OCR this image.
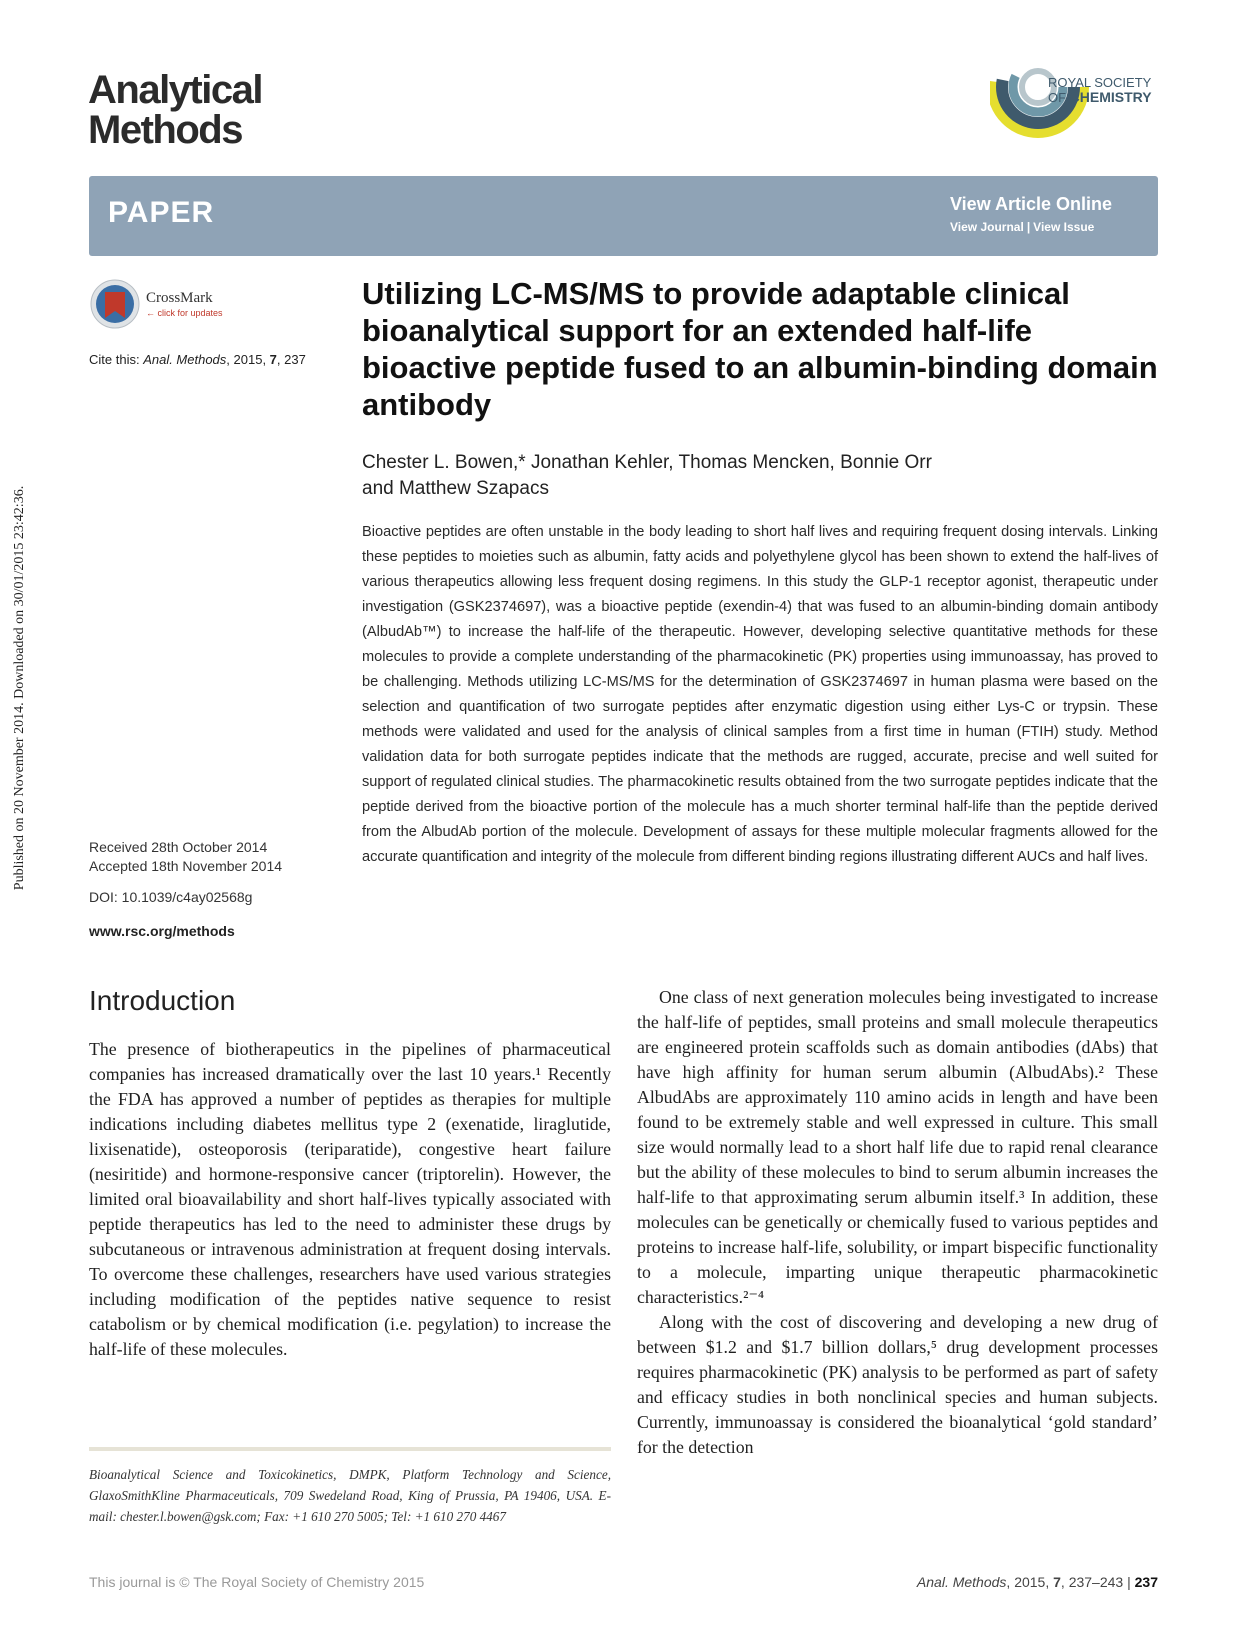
Analytical
Methods
ROYAL SOCIETY
OF CHEMISTRY
PAPER	View Article Online
View Journal | View Issue
CrossMark
← click for updates
Cite this: Anal. Methods, 2015, 7, 237
Published on 20 November 2014. Downloaded on 30/01/2015 23:42:36.
Utilizing LC-MS/MS to provide adaptable clinical bioanalytical support for an extended half-life bioactive peptide fused to an albumin-binding domain antibody
Chester L. Bowen,* Jonathan Kehler, Thomas Mencken, Bonnie Orr
and Matthew Szapacs
Bioactive peptides are often unstable in the body leading to short half lives and requiring frequent dosing intervals. Linking these peptides to moieties such as albumin, fatty acids and polyethylene glycol has been shown to extend the half-lives of various therapeutics allowing less frequent dosing regimens. In this study the GLP-1 receptor agonist, therapeutic under investigation (GSK2374697), was a bioactive peptide (exendin-4) that was fused to an albumin-binding domain antibody (AlbudAb™) to increase the half-life of the therapeutic. However, developing selective quantitative methods for these molecules to provide a complete understanding of the pharmacokinetic (PK) properties using immunoassay, has proved to be challenging. Methods utilizing LC-MS/MS for the determination of GSK2374697 in human plasma were based on the selection and quantification of two surrogate peptides after enzymatic digestion using either Lys-C or trypsin. These methods were validated and used for the analysis of clinical samples from a first time in human (FTIH) study. Method validation data for both surrogate peptides indicate that the methods are rugged, accurate, precise and well suited for support of regulated clinical studies. The pharmacokinetic results obtained from the two surrogate peptides indicate that the peptide derived from the bioactive portion of the molecule has a much shorter terminal half-life than the peptide derived from the AlbudAb portion of the molecule. Development of assays for these multiple molecular fragments allowed for the accurate quantification and integrity of the molecule from different binding regions illustrating different AUCs and half lives.
Received 28th October 2014
Accepted 18th November 2014
DOI: 10.1039/c4ay02568g
www.rsc.org/methods
Introduction

The presence of biotherapeutics in the pipelines of pharmaceutical companies has increased dramatically over the last 10 years.¹ Recently the FDA has approved a number of peptides as therapies for multiple indications including diabetes mellitus type 2 (exenatide, liraglutide, lixisenatide), osteoporosis (teriparatide), congestive heart failure (nesiritide) and hormone-responsive cancer (triptorelin). However, the limited oral bioavailability and short half-lives typically associated with peptide therapeutics has led to the need to administer these drugs by subcutaneous or intravenous administration at frequent dosing intervals. To overcome these challenges, researchers have used various strategies including modification of the peptides native sequence to resist catabolism or by chemical modification (i.e. pegylation) to increase the half-life of these molecules.

One class of next generation molecules being investigated to increase the half-life of peptides, small proteins and small molecule therapeutics are engineered protein scaffolds such as domain antibodies (dAbs) that have high affinity for human serum albumin (AlbudAbs).² These AlbudAbs are approximately 110 amino acids in length and have been found to be extremely stable and well expressed in culture. This small size would normally lead to a short half life due to rapid renal clearance but the ability of these molecules to bind to serum albumin increases the half-life to that approximating serum albumin itself.³ In addition, these molecules can be genetically or chemically fused to various peptides and proteins to increase half-life, solubility, or impart bispecific functionality to a molecule, imparting unique therapeutic pharmacokinetic characteristics.²⁻⁴

Along with the cost of discovering and developing a new drug of between $1.2 and $1.7 billion dollars,⁵ drug development processes requires pharmacokinetic (PK) analysis to be performed as part of safety and efficacy studies in both nonclinical species and human subjects. Currently, immunoassay is considered the bioanalytical ‘gold standard’ for the detection

Bioanalytical Science and Toxicokinetics, DMPK, Platform Technology and Science, GlaxoSmithKline Pharmaceuticals, 709 Swedeland Road, King of Prussia, PA 19406, USA. E-mail: chester.l.bowen@gsk.com; Fax: +1 610 270 5005; Tel: +1 610 270 4467
This journal is © The Royal Society of Chemistry 2015	Anal. Methods, 2015, 7, 237–243 | 237
